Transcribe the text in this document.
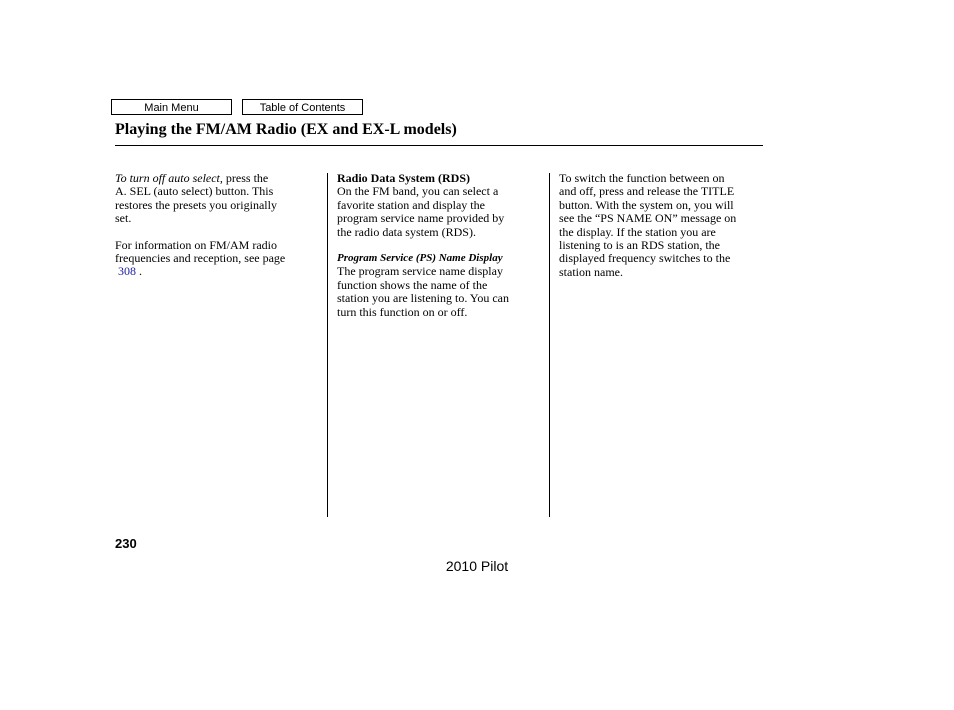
Main Menu	Table of Contents
Playing the FM/AM Radio (EX and EX-L models)

To turn off auto select, press the

A. SEL (auto select) button. This

restores the presets you originally

set.

For information on FM/AM radio

frequencies and reception, see page

308 .

Radio Data System (RDS)

On the FM band, you can select a

favorite station and display the

program service name provided by

the radio data system (RDS).

Program Service (PS) Name Display

The program service name display

function shows the name of the

station you are listening to. You can

turn this function on or off.

To switch the function between on

and off, press and release the TITLE

button. With the system on, you will

see the “PS NAME ON” message on

the display. If the station you are

listening to is an RDS station, the

displayed frequency switches to the

station name.

230
2010 Pilot
